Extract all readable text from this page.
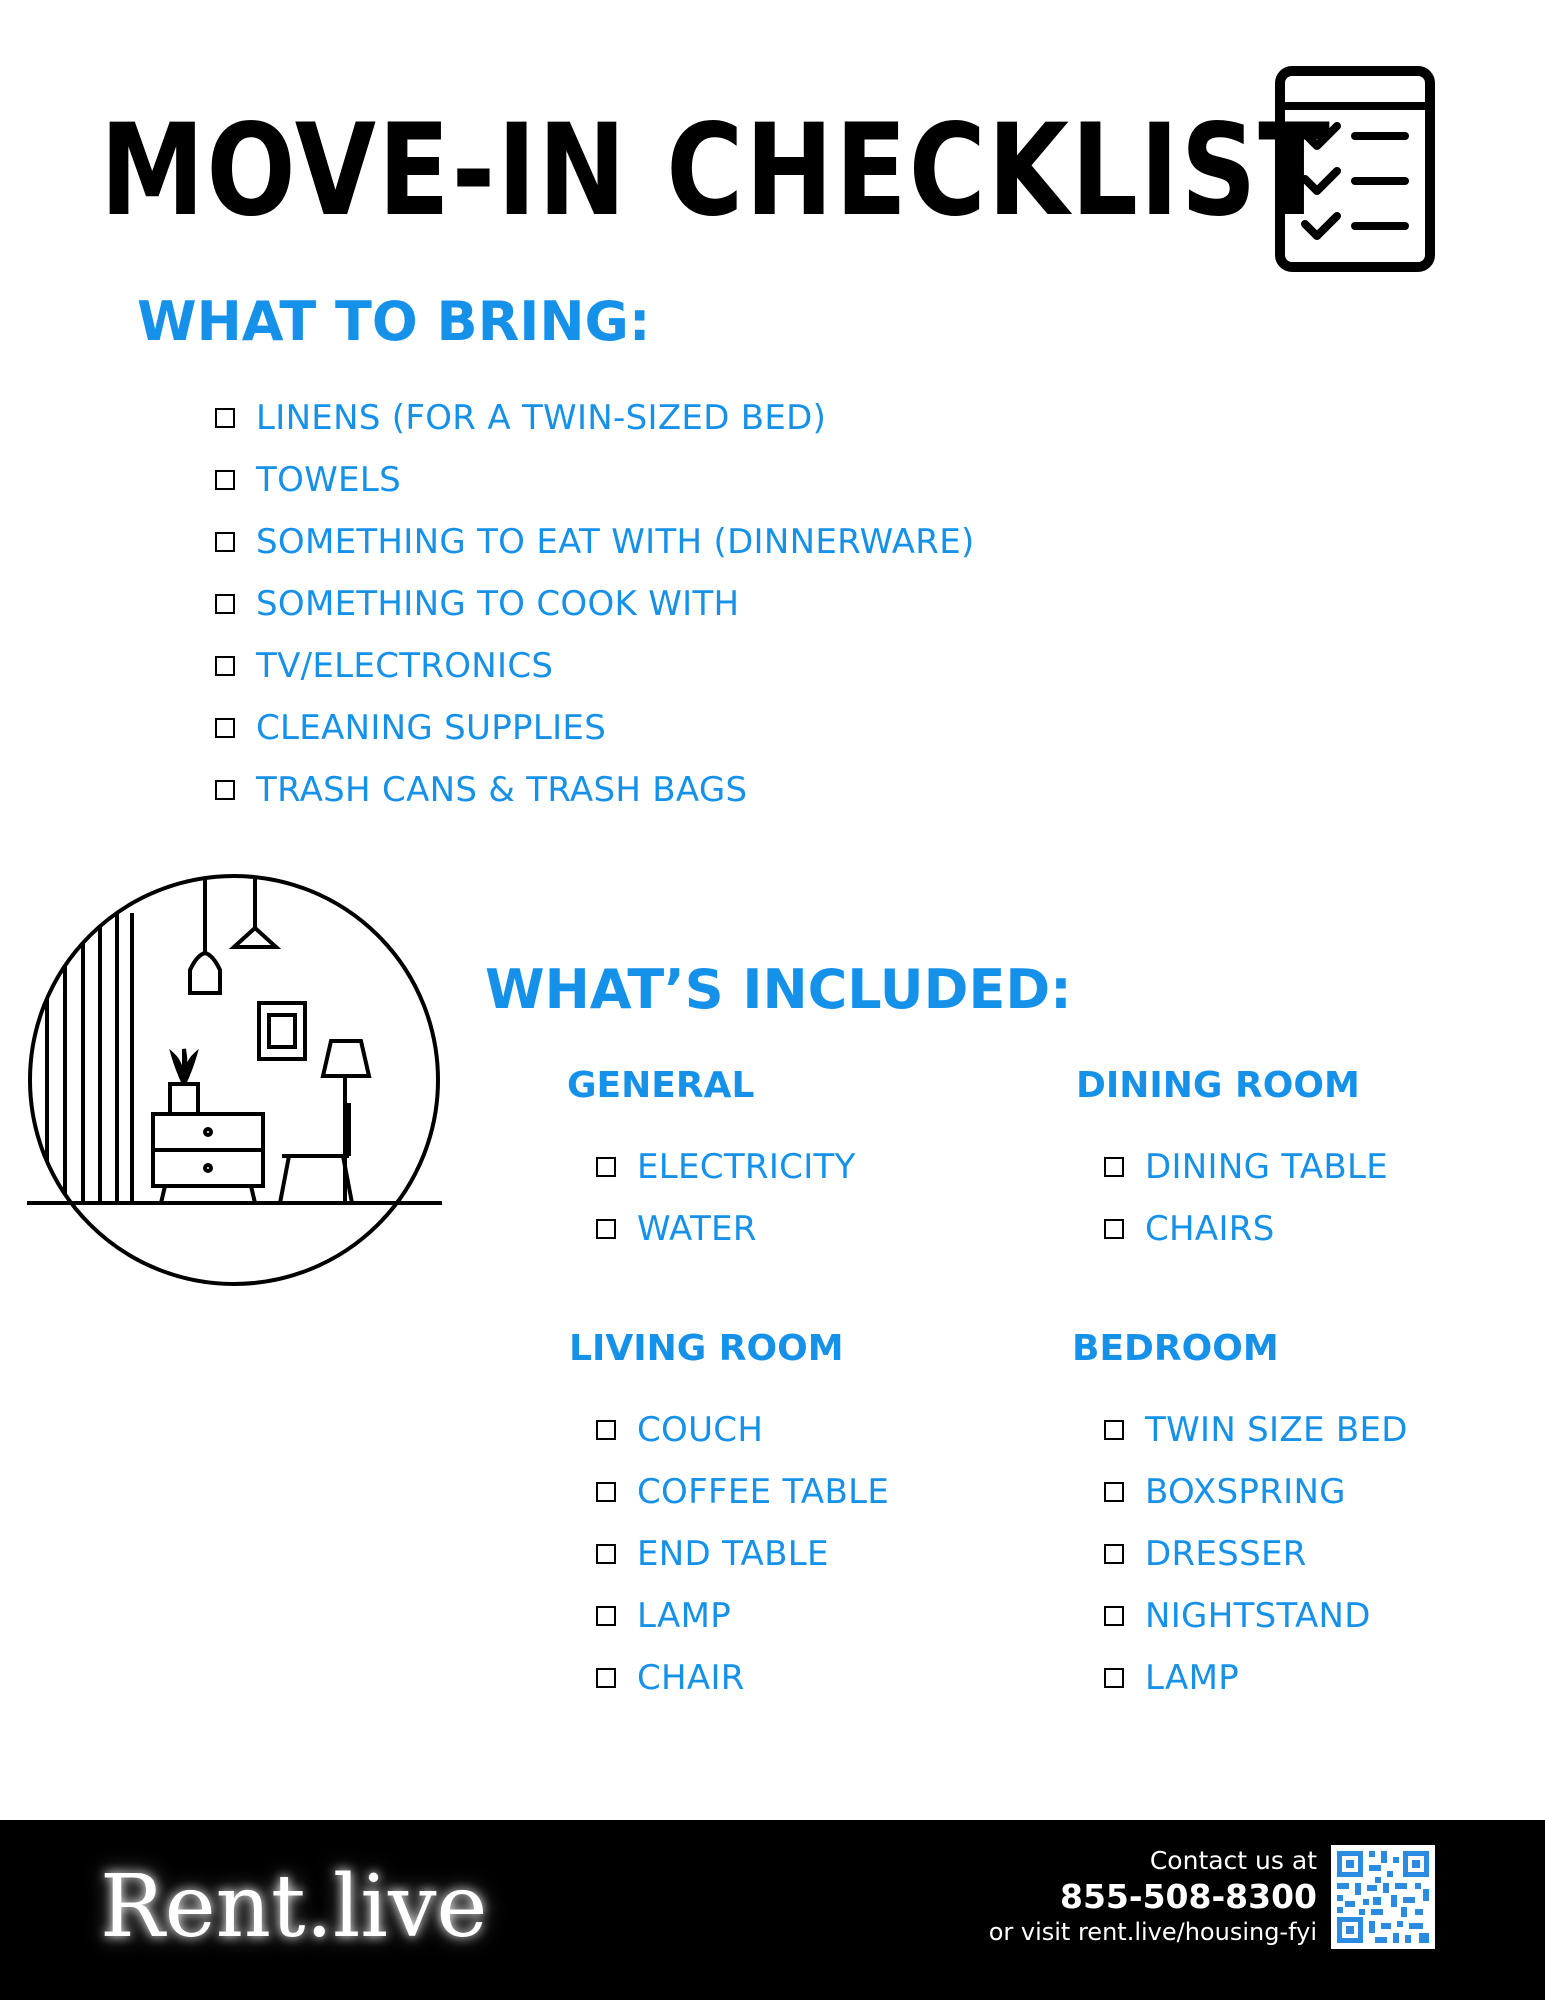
MOVE-IN CHECKLIST
WHAT TO BRING:
LINENS (FOR A TWIN-SIZED BED)
TOWELS
SOMETHING TO EAT WITH (DINNERWARE)
SOMETHING TO COOK WITH
TV/ELECTRONICS
CLEANING SUPPLIES
TRASH CANS & TRASH BAGS
WHAT’S INCLUDED:
GENERAL
ELECTRICITY
WATER
DINING ROOM
DINING TABLE
CHAIRS
LIVING ROOM
COUCH
COFFEE TABLE
END TABLE
LAMP
CHAIR
BEDROOM
TWIN SIZE BED
BOXSPRING
DRESSER
NIGHTSTAND
LAMP
Rent.live	Contact us at
855-508-8300
or visit rent.live/housing-fyi
